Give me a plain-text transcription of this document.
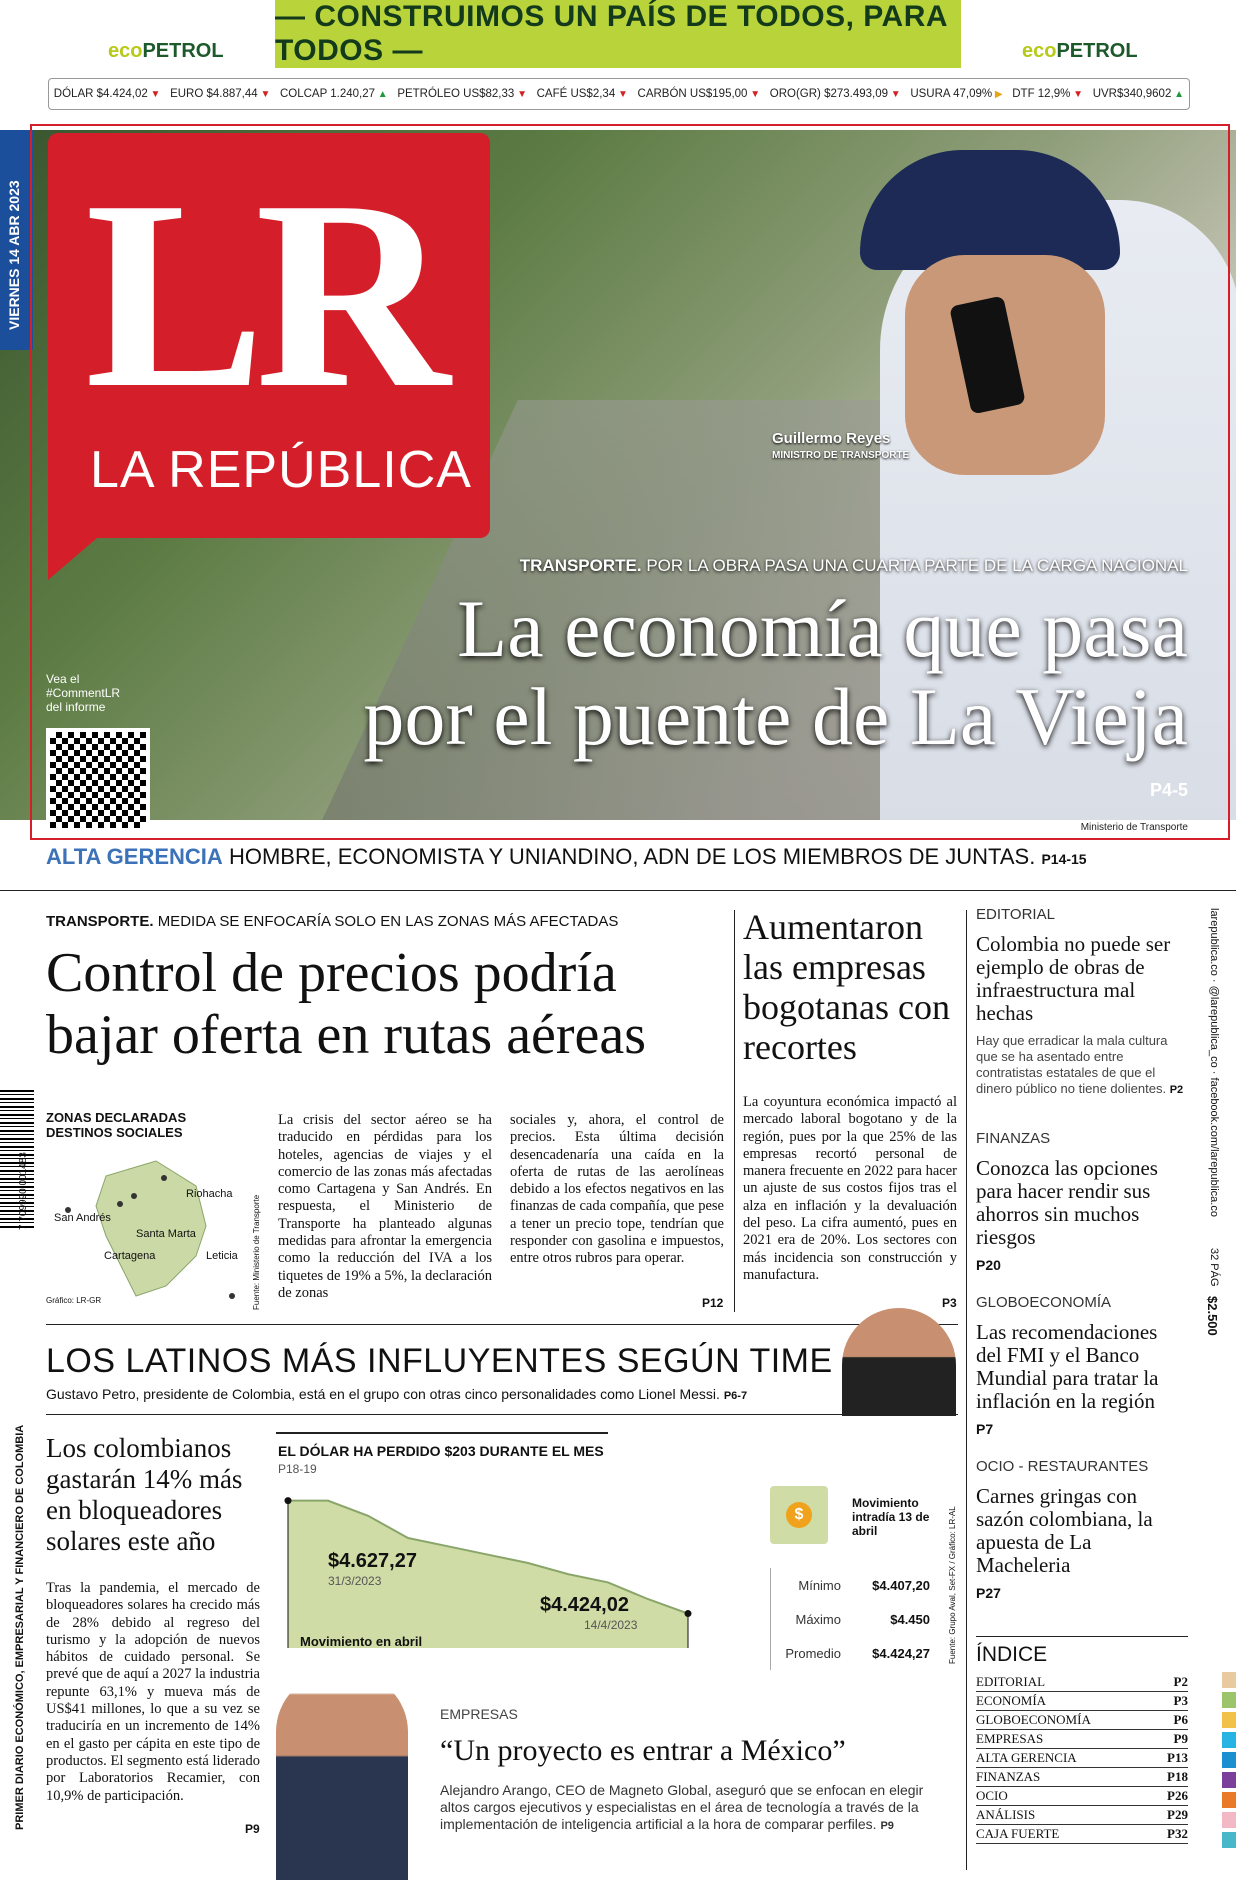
ecoPETROL
— CONSTRUIMOS UN PAÍS DE TODOS, PARA TODOS —	ecoPETROL
DÓLAR $4.424,02 ▼ EURO $4.887,44 ▼ COLCAP 1.240,27 ▲ PETRÓLEO US$82,33 ▼ CAFÉ US$2,34 ▼ CARBÓN US$195,00 ▼ ORO(GR) $273.493,09 ▼ USURA 47,09% ▶ DTF 12,9% ▼ UVR$340,9602 ▲
VIERNES 14 ABR 2023 LR
LA REPÚBLICA
Guillermo Reyes
MINISTRO DE TRANSPORTE
TRANSPORTE. POR LA OBRA PASA UNA CUARTA PARTE DE LA CARGA NACIONAL
La economía que pasa
por el puente de La Vieja
P4-5
Vea el
#CommentLR
del informe
Ministerio de Transporte
ALTA GERENCIA HOMBRE, ECONOMISTA Y UNIANDINO, ADN DE LOS MIEMBROS DE JUNTAS. P14-15
TRANSPORTE. MEDIDA SE ENFOCARÍA SOLO EN LAS ZONAS MÁS AFECTADAS
Control de precios podría
bajar oferta en rutas aéreas
ZONAS DECLARADAS
DESTINOS SOCIALES
Riohacha
San Andrés
Santa Marta
Cartagena	Leticia
Gráfico: LR-GR	Fuente: Ministerio de Transporte
La crisis del sector aéreo se ha traducido en pérdidas para los hoteles, agencias de viajes y el comercio de las zonas más afectadas como Cartagena y San Andrés. En respuesta, el Ministerio de Transporte ha planteado algunas medidas para afrontar la emergencia como la reducción del IVA a los tiquetes de 19% a 5%, la declaración de zonas
sociales y, ahora, el control de precios. Esta última decisión desencadenaría una caída en la oferta de rutas de las aerolíneas debido a los efectos negativos en las finanzas de cada compañía, que pese a tener un precio tope, tendrían que responder con gasolina e impuestos, entre otros rubros para operar.
P12
Aumentaron las empresas bogotanas con recortes
La coyuntura económica impactó al mercado laboral bogotano y de la región, pues por la que 25% de las empresas recortó personal de manera frecuente en 2022 para hacer un ajuste de sus costos fijos tras el alza en inflación y la devaluación del peso. La cifra aumentó, pues en 2021 era de 20%. Los sectores con más incidencia son construcción y manufactura.
P3
LOS LATINOS MÁS INFLUYENTES SEGÚN TIME
Gustavo Petro, presidente de Colombia, está en el grupo con otras cinco personalidades como Lionel Messi. P6-7
Los colombianos gastarán 14% más en bloqueadores solares este año
Tras la pandemia, el mercado de bloqueadores solares ha crecido más de 28% debido al regreso del turismo y la adopción de nuevos hábitos de cuidado personal. Se prevé que de aquí a 2027 la industria repunte 63,1% y mueva más de US$41 millones, lo que a su vez se traduciría en un incremento de 14% en el gasto per cápita en este tipo de productos. El segmento está liderado por Laboratorios Recamier, con 10,9% de participación.
P9
EL DÓLAR HA PERDIDO $203 DURANTE EL MES
P18-19
Movimiento en abril
$4.627,27
31/3/2023
$4.424,02
14/4/2023
$
Movimiento intradía 13 de abril
Mínimo	$4.407,20
Máximo	$4.450
Promedio	$4.424,27 Fuente: Grupo Aval, Set-FX / Gráfico: LR-AL
EMPRESAS
“Un proyecto es entrar a México”
Alejandro Arango, CEO de Magneto Global, aseguró que se enfocan en elegir altos cargos ejecutivos y especialistas en el área de tecnología a través de la implementación de inteligencia artificial a la hora de comparar perfiles. P9
EDITORIAL
Colombia no puede ser ejemplo de obras de infraestructura mal hechas
Hay que erradicar la mala cultura que se ha asentado entre contratistas estatales de que el dinero público no tiene dolientes. P2
FINANZAS
Conozca las opciones para hacer rendir sus ahorros sin muchos riesgos
P20
GLOBOECONOMÍA
Las recomendaciones del FMI y el Banco Mundial para tratar la inflación en la región
P7
OCIO - RESTAURANTES
Carnes gringas con sazón colombiana, la apuesta de La Macheleria
P27
ÍNDICE
EDITORIAL	P2
ECONOMÍA	P3
GLOBOECONOMÍA	P6
EMPRESAS	P9
ALTA GERENCIA	P13
FINANZAS	P18
OCIO	P26
ANÁLISIS	P29
CAJA FUERTE	P32
7 709990 001483
PRIMER DIARIO ECONÓMICO, EMPRESARIAL Y FINANCIERO DE COLOMBIA
larepublica.co · @larepublica_co · facebook.com/larepublica.co
32 PÁG
$2.500
